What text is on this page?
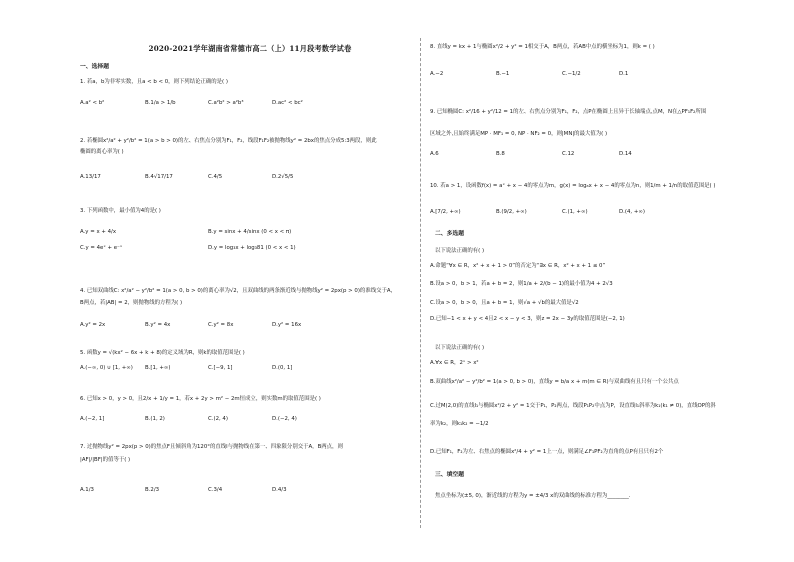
2020-2021学年湖南省常德市高二（上）11月段考数学试卷
一、选择题
1. 若a，b为非零实数，且a < b < 0，则下列结论正确的是( )
A.a² < b²	B.1/a > 1/b	C.a²b² > a²b³	D.ac² < bc²
2. 若椭圆x²/a² + y²/b² = 1(a > b > 0)的左、右焦点分别为F₁，F₂，线段F₁F₂被抛物线y² = 2bx的焦点分成5:3两段，则此
椭圆的离心率为( )
A.13/17	B.4√17/17	C.4/5	D.2√5/5
3. 下列函数中，最小值为4的是( )
A.y = x + 4/x	B.y = sinx + 4/sinx (0 < x < π)
C.y = 4eˣ + e⁻ˣ	D.y = log₃x + log₃81 (0 < x < 1)
4. 已知双曲线C: x²/a² − y²/b² = 1(a > 0, b > 0)的离心率为√2，且双曲线的两条渐近线与抛物线y² = 2px(p > 0)的准线交于A，
B两点，若|AB| = 2，则抛物线的方程为( )
A.y² = 2x	B.y² = 4x	C.y² = 8x	D.y² = 16x
5. 函数y = √(kx² − 6x + k + 8)的定义域为R，则k的取值范围是( )
A.(−∞, 0) ∪ [1, +∞) B.[1, +∞)	C.[−9, 1]	D.(0, 1]
6. 已知x > 0，y > 0，且2/x + 1/y = 1，若x + 2y > m² − 2m恒成立，则实数m的取值范围是( )
A.(−2, 1]	B.(1, 2)	C.(2, 4)	D.(−2, 4)
7. 过抛物线y² = 2px(p > 0)的焦点F且倾斜角为120°的直线l与抛物线在第一、四象限分别交于A，B两点，则
|AF|/|BF|的值等于( )
A.1/3	B.2/3	C.3/4	D.4/3
8. 直线y = kx + 1与椭圆x²/2 + y² = 1相交于A，B两点，若AB中点的横坐标为1，则k = ( )
A.−2	B.−1	C.−1/2	D.1
9. 已知椭圆C: x²/16 + y²/12 = 1的左、右焦点分别为F₁，F₂，点P在椭圆上且异于长轴端点,点M，N在△PF₁F₂所围
区域之外,且始终满足MP · MF₁ = 0, NP · NF₂ = 0，则|MN|的最大值为( )
A.6	B.8	C.12	D.14
10. 若a > 1，设函数f(x) = aˣ + x − 4的零点为m，g(x) = logₐx + x − 4的零点为n，则1/m + 1/n的取值范围是( )
A.[7/2, +∞)	B.(9/2, +∞)	C.(1, +∞)	D.(4, +∞)
二、多选题
以下说法正确的有( )
A.命题“∀x ∈ R，x² + x + 1 > 0”的否定为“∃x ∈ R，x² + x + 1 ≤ 0”
B.设a > 0，b > 1，若a + b = 2，则1/a + 2/(b − 1)的最小值为4 + 2√3
C.设a > 0，b > 0，且a + b = 1，则√a + √b的最大值是√2
D.已知−1 < x + y < 4且2 < x − y < 3，则z = 2x − 3y的取值范围是(−2, 1)
以下说法正确的有( )
A.∀x ∈ R，2ˣ > x²
B.双曲线x²/a² − y²/b² = 1(a > 0, b > 0)，直线y = b/a x + m(m ∈ R)与双曲线有且只有一个公共点
C.过M(2,0)的直线l₁与椭圆x²/2 + y² = 1交于P₁，P₂两点，线段P₁P₂中点为P，设直线l₁斜率为k₁(k₁ ≠ 0)，直线OP的斜
率为k₂，则k₁k₂ = −1/2
D.已知F₁，F₂为左、右焦点的椭圆x²/4 + y² = 1上一点，则满足∠F₁PF₂为直角的点P有且只有2个
三、填空题
焦点坐标为(±5, 0)，渐近线的方程为y = ±4/3 x的双曲线的标准方程为________.
